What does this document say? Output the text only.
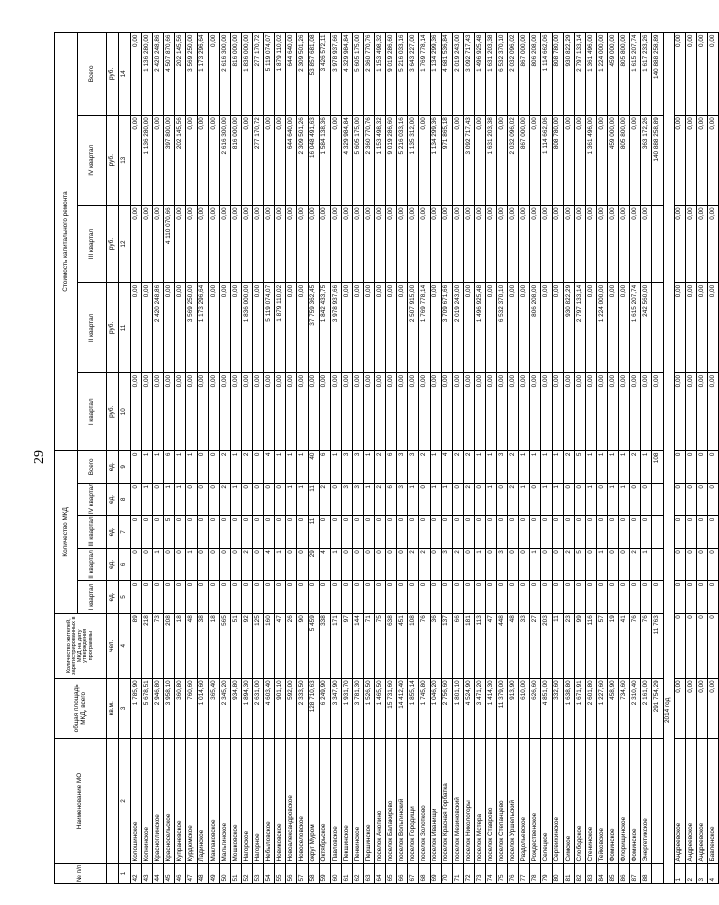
29
№ п/п	Наименование МО	общая площадь МКД, всего	Количество жителей, зарегистрированных в МКД на дату утверждения программы	Количество МКД					Стоимость капитального ремонта				
				I квартал	II квартал	III квартал	IV квартал	Всего	I квартал	II квартал	III квартал	IV квартал	Всего
		кв.м.	чел.	ед.	ед.	ед.	ед.	ед.	руб.	руб.	руб.	руб.	руб.
1	2	3	4	5	6	7	8	9	10	11	12	13	14
42	Колошинское	1 785,90	89	0	0	0	0	0	0,00	0,00	0,00	0,00	0,00
43	Копнинское	5 678,51	218	0	0	0	1	1	0,00	0,00	0,00	1 136 280,00	1 136 280,00
44	Красноглинское	2 946,80	73	0	1	0	0	1	0,00	2 420 248,86	0,00	0,00	2 420 248,86
45	Красносельское	3 958,10	208	0	0	5	1	6	0,00	0,00	4 110 070,66	397 800,00	4 507 870,66
46	Купраневское	360,80	18	0	0	0	1	1	0,00	0,00	0,00	202 145,56	202 145,56
47	Курдюмское	760,60	48	0	1	0	0	1	0,00	3 569 250,00	0,00	0,00	3 569 250,00
48	Ладинское	1 014,60	38	0	0	0	0	0	0,00	1 173 296,64	0,00	0,00	1 173 296,64
49	Маклаковское	365,40	18	0	0	0	0	0	0,00	0,00	0,00	0,00	0,00
50	Мальгинское	2 345,20	565	0	0	0	2	2	0,00	0,00	0,00	2 616 300,00	2 616 300,00
51	Мошковское	934,80	51	0	0	0	1	1	0,00	0,00	0,00	816 000,00	816 000,00
52	Нагорское	1 894,30	92	0	2	0	0	2	0,00	1 836 000,00	0,00	0,00	1 836 000,00
53	Нагорное	2 631,00	125	0	0	0	0	0	0,00	0,00	0,00	277 170,72	277 170,72
54	Небыловское	4 603,40	160	0	4	0	0	4	0,00	5 119 074,07	0,00	0,00	5 119 074,07
55	Новиковское	901,10	47	0	1	0	0	1	0,00	1 879 110,02	0,00	0,00	1 879 110,02
56	Новоалександровское	592,00	26	0	0	0	1	1	0,00	0,00	0,00	644 640,00	644 640,00
57	Новоселовское	2 333,50	90	0	0	0	1	1	0,00	0,00	0,00	2 309 501,26	2 309 501,26
58	округ Муром	128 710,63	5 459	0	29	11	11	40	0,00	37 759 362,45	0,00	16 048 491,63	53 857 681,08
59	Октябрьское	6 249,90	338	0	4	0	2	6	0,00	1 842 433,75	0,00	1 584 138,36	3 426 572,11
60	Павловское	3 347,90	171	0	1	0	0	1	0,00	3 978 937,66	0,00	0,00	3 978 937,66
61	Пекшинское	1 931,70	97	0	0	0	3	3	0,00	0,00	0,00	4 329 984,84	4 329 984,84
62	Пенкинское	3 781,30	144	0	0	0	3	3	0,00	0,00	0,00	5 605 175,00	5 605 175,00
63	Першинское	1 526,50	71	0	0	0	1	1	0,00	0,00	0,00	2 360 770,76	2 360 770,76
64	поселок Анопино	1 465,50	75	0	0	0	2	2	0,00	0,00	0,00	1 153 498,32	1 153 498,32
65	поселок Балакирево	15 731,60	638	0	0	0	6	6	0,00	0,00	0,00	9 019 286,60	9 019 286,60
66	поселок Вольгинский	14 412,40	451	0	0	0	3	3	0,00	0,00	0,00	5 216 033,16	5 216 033,16
67	поселок Городищи	1 855,14	108	0	2	0	1	3	0,00	2 507 915,00	0,00	1 135 312,00	3 643 227,00
68	поселок Золотково	1 745,80	76	0	2	0	0	2	0,00	1 769 778,14	0,00	0,00	1 769 778,14
69	поселок Иванищи	1 046,20	36	0	0	0	1	1	0,00	0,00	0,00	1 134 299,36	1 134 299,36
70	поселок Красная Горбатка	2 756,60	137	0	3	0	1	4	0,00	3 709 671,66	0,00	971 865,18	4 681 536,84
71	поселок Мезиновский	1 801,10	66	0	2	0	0	2	0,00	2 019 243,00	0,00	0,00	2 019 243,00
72	поселок Никологоры	4 524,90	181	0	0	0	2	2	0,00	0,00	0,00	3 092 717,43	3 092 717,43
73	поселок Мстера	3 471,20	113	0	1	0	0	1	0,00	1 496 925,48	0,00	0,00	1 496 925,48
74	поселок Ставрово	1 414,30	47	0	0	0	1	1	0,00	0,00	0,00	1 631 203,38	1 631 203,38
75	поселок Степанцево	11 379,00	448	0	3	0	0	3	0,00	6 532 370,10	0,00	0,00	6 532 370,10
76	поселок Уршельский	913,90	48	0	0	0	2	2	0,00	0,00	0,00	2 032 096,02	2 032 096,02
77	Раздольевское	610,00	33	0	0	0	1	1	0,00	0,00	0,00	867 000,00	867 000,00
78	Рождественское	626,60	27	0	1	0	0	1	0,00	806 208,00	0,00	0,00	806 208,00
79	Селецкое	4 851,00	203	0	0	0	1	1	0,00	0,00	0,00	1 114 662,06	1 114 662,06
80	Сергеихинское	332,60	11	0	0	0	1	1	0,00	0,00	0,00	808 780,00	808 780,00
81	Симское	1 638,80	23	0	2	0	0	2	0,00	930 822,29	0,00	0,00	930 822,29
82	Слободское	1 671,91	99	0	5	0	0	5	0,00	2 797 133,14	0,00	0,00	2 797 133,14
83	Стенинское	2 601,80	116	0	0	0	1	1	0,00	0,00	0,00	1 361 496,00	1 361 496,00
84	Тейковское	1 227,60	57	0	1	0	0	1	0,00	1 224 000,00	0,00	0,00	1 224 000,00
85	Фоминское	458,90	19	0	0	0	1	1	0,00	0,00	0,00	459 000,00	459 000,00
86	Флорищинское	734,60	41	0	0	0	1	1	0,00	0,00	0,00	805 800,00	805 800,00
87	Фоминское	2 310,40	76	0	2	0	0	2	0,00	1 615 207,74	0,00	0,00	1 615 207,74
88	Энергетикское	2 161,00	76	0	1	0	0	1	0,00	242 560,00	0,00	363 172,26	1 617 233,26
		291 754,29	11 763	0				108	0,00			140 888 258,89	140 888 258,89
2014 год													
1	Андреевское	0,00	0	0	0	0	0	0	0,00	0,00	0,00	0,00	0,00
2	Андреевское	0,00	0	0	0	0	0	0	0,00	0,00	0,00	0,00	0,00
3	Андреевское	0,00	0	0	0	0	0	0	0,00	0,00	0,00	0,00	0,00
4	Бавленское	0,00	0	0	0	0	0	0	0,00	0,00	0,00	0,00	0,00
